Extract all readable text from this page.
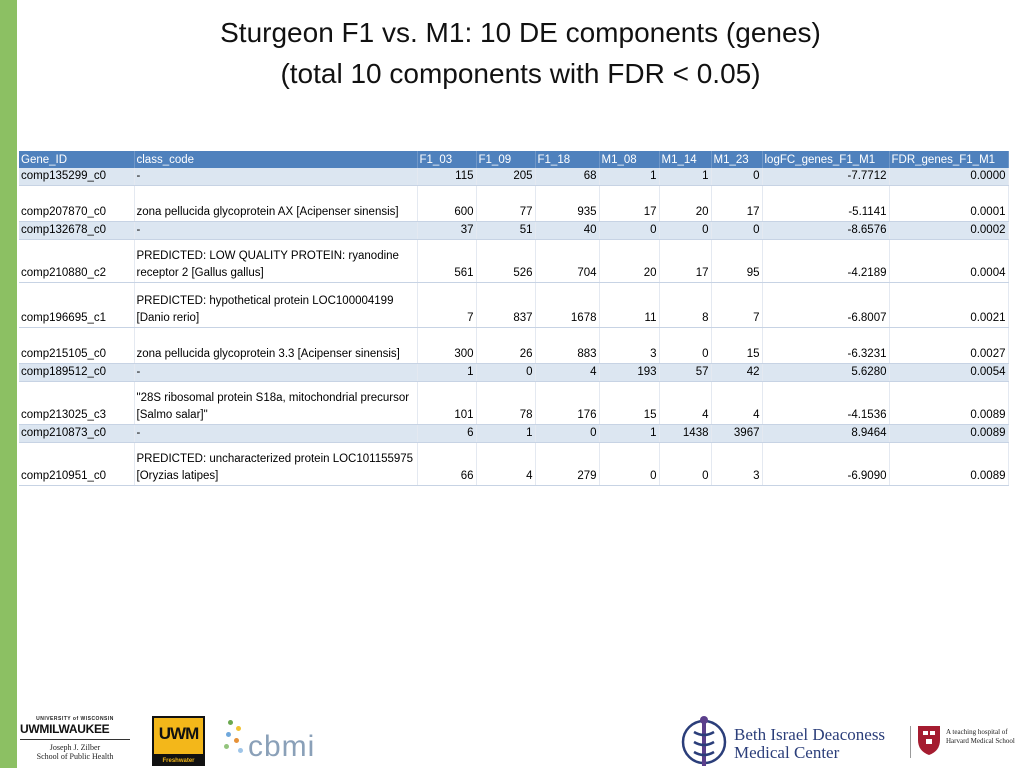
Sturgeon F1 vs. M1: 10 DE components (genes)
(total 10 components with FDR < 0.05)
Gene_ID	class_code	F1_03	F1_09	F1_18	M1_08	M1_14	M1_23	logFC_genes_F1_M1	FDR_genes_F1_M1
comp135299_c0	-	115	205	68	1	1	0	-7.7712	0.0000
comp207870_c0	zona pellucida glycoprotein AX [Acipenser sinensis]	600	77	935	17	20	17	-5.1141	0.0001
comp132678_c0	-	37	51	40	0	0	0	-8.6576	0.0002
comp210880_c2	PREDICTED: LOW QUALITY PROTEIN: ryanodine receptor 2 [Gallus gallus]	561	526	704	20	17	95	-4.2189	0.0004
comp196695_c1	PREDICTED: hypothetical protein LOC100004199 [Danio rerio]	7	837	1678	11	8	7	-6.8007	0.0021
comp215105_c0	zona pellucida glycoprotein 3.3 [Acipenser sinensis]	300	26	883	3	0	15	-6.3231	0.0027
comp189512_c0	-	1	0	4	193	57	42	5.6280	0.0054
comp213025_c3	"28S ribosomal protein S18a, mitochondrial precursor [Salmo salar]"	101	78	176	15	4	4	-4.1536	0.0089
comp210873_c0	-	6	1	0	1	1438	3967	8.9464	0.0089
comp210951_c0	PREDICTED: uncharacterized protein LOC101155975 [Oryzias latipes]	66	4	279	0	0	3	-6.9090	0.0089
UNIVERSITY of WISCONSIN
UWMILWAUKEE
Joseph J. Zilber
School of Public Health
UWM
Freshwater	cbmi	Beth Israel Deaconess
Medical Center
A teaching hospital of
Harvard Medical School
